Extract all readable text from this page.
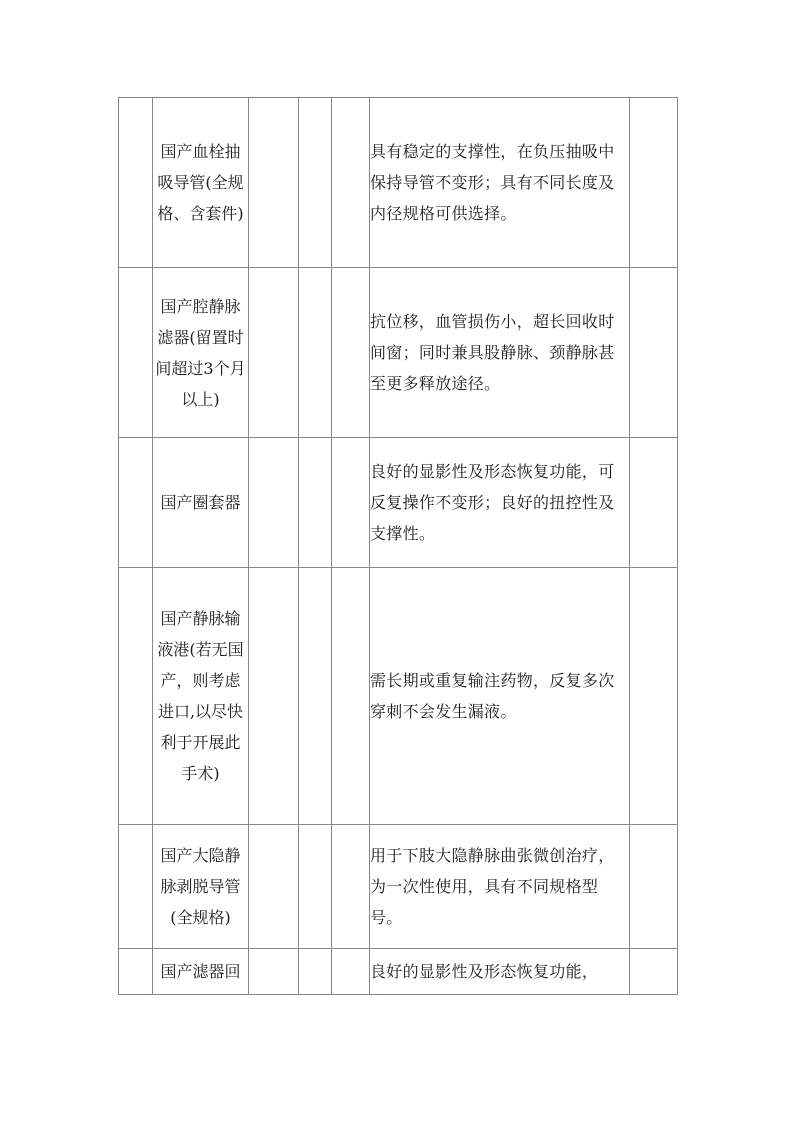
	国产血栓抽吸导管(全规格、含套件)				具有稳定的支撑性，在负压抽吸中保持导管不变形；具有不同长度及内径规格可供选择。	

	国产腔静脉滤器(留置时间超过3个月以上)				抗位移，血管损伤小，超长回收时间窗；同时兼具股静脉、颈静脉甚至更多释放途径。	

	国产圈套器				良好的显影性及形态恢复功能，可反复操作不变形；良好的扭控性及支撑性。	

	国产静脉输液港(若无国产，则考虑进口,以尽快利于开展此手术)				需长期或重复输注药物，反复多次穿刺不会发生漏液。	

	国产大隐静脉剥脱导管(全规格)				用于下肢大隐静脉曲张微创治疗，为一次性使用，具有不同规格型号。	

	国产滤器回				良好的显影性及形态恢复功能，	
